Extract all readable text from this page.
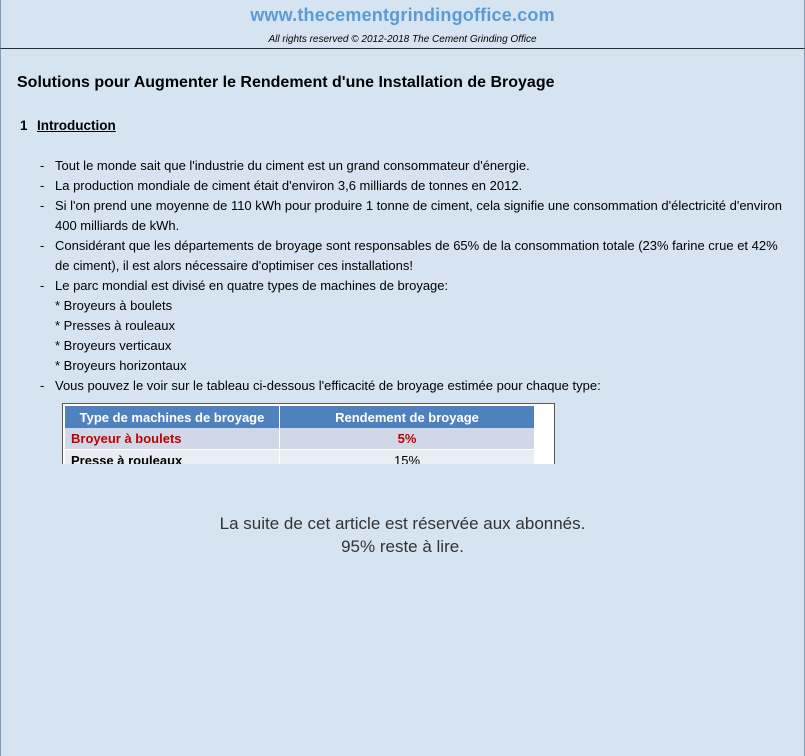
www.thecementgrindingoffice.com
All rights reserved © 2012-2018 The Cement Grinding Office
Solutions pour Augmenter le Rendement d'une Installation de Broyage
1 Introduction
- Tout le monde sait que l'industrie du ciment est un grand consommateur d'énergie.
- La production mondiale de ciment était d'environ 3,6 milliards de tonnes en 2012.
- Si l'on prend une moyenne de 110 kWh pour produire 1 tonne de ciment, cela signifie une consommation d'électricité d'environ 400 milliards de kWh.
- Considérant que les départements de broyage sont responsables de 65% de la consommation totale (23% farine crue et 42% de ciment), il est alors nécessaire d'optimiser ces installations!
- Le parc mondial est divisé en quatre types de machines de broyage:
* Broyeurs à boulets
* Presses à rouleaux
* Broyeurs verticaux
* Broyeurs horizontaux
- Vous pouvez le voir sur le tableau ci-dessous l'efficacité de broyage estimée pour chaque type:
Type de machines de broyage	Rendement de broyage
Broyeur à boulets	5%
Presse à rouleaux	15%
La suite de cet article est réservée aux abonnés.
95% reste à lire.
